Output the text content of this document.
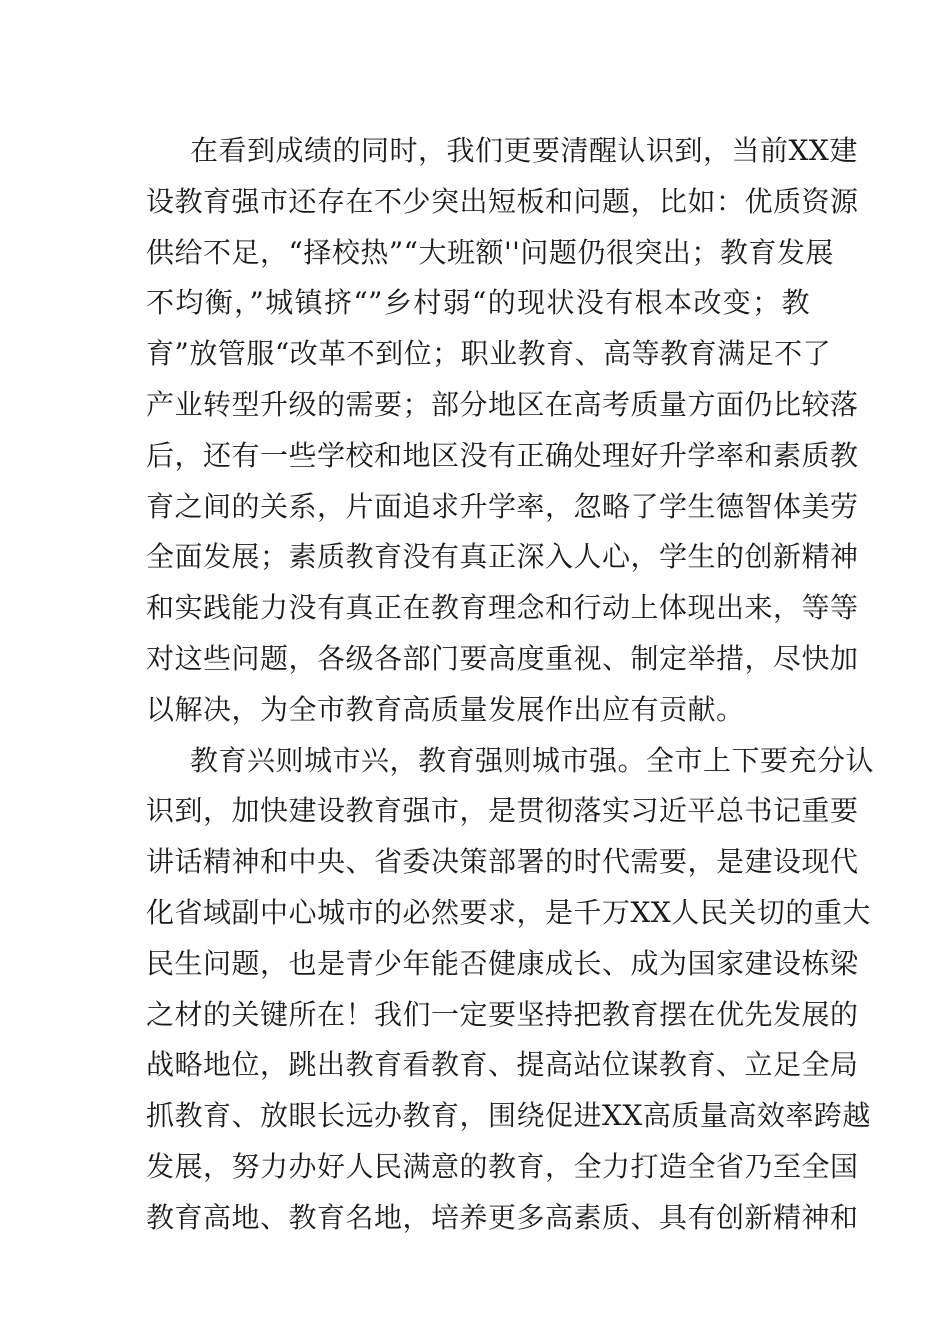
在看到成绩的同时，我们更要清醒认识到，当前XX建
设教育强市还存在不少突出短板和问题，比如：优质资源
供给不足，“择校热”“大班额''问题仍很突出；教育发展
不均衡，”城镇挤“”乡村弱“的现状没有根本改变；教
育”放管服“改革不到位；职业教育、高等教育满足不了
产业转型升级的需要；部分地区在高考质量方面仍比较落
后，还有一些学校和地区没有正确处理好升学率和素质教
育之间的关系，片面追求升学率，忽略了学生德智体美劳
全面发展；素质教育没有真正深入人心，学生的创新精神
和实践能力没有真正在教育理念和行动上体现出来，等等
对这些问题，各级各部门要高度重视、制定举措，尽快加
以解决，为全市教育高质量发展作出应有贡献。
教育兴则城市兴，教育强则城市强。全市上下要充分认
识到，加快建设教育强市，是贯彻落实习近平总书记重要
讲话精神和中央、省委决策部署的时代需要，是建设现代
化省域副中心城市的必然要求，是千万XX人民关切的重大
民生问题，也是青少年能否健康成长、成为国家建设栋梁
之材的关键所在！我们一定要坚持把教育摆在优先发展的
战略地位，跳出教育看教育、提高站位谋教育、立足全局
抓教育、放眼长远办教育，围绕促进XX高质量高效率跨越
发展，努力办好人民满意的教育，全力打造全省乃至全国
教育高地、教育名地，培养更多高素质、具有创新精神和
